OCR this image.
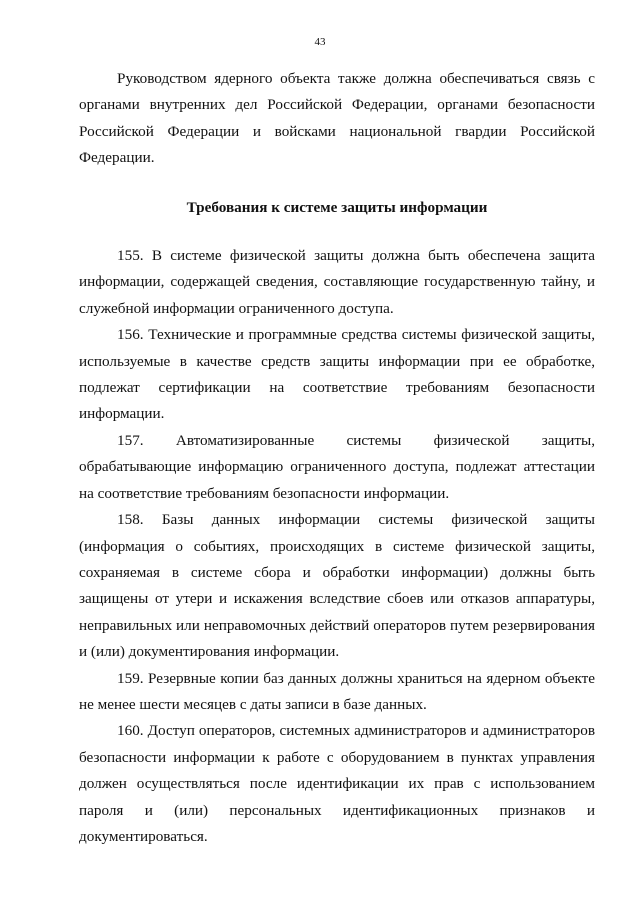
43

Руководством ядерного объекта также должна обеспечиваться связь с органами внутренних дел Российской Федерации, органами безопасности Российской Федерации и войсками национальной гвардии Российской Федерации.

Требования к системе защиты информации

155. В системе физической защиты должна быть обеспечена защита информации, содержащей сведения, составляющие государственную тайну, и служебной информации ограниченного доступа.

156. Технические и программные средства системы физической защиты, используемые в качестве средств защиты информации при ее обработке, подлежат сертификации на соответствие требованиям безопасности информации.

157. Автоматизированные системы физической защиты, обрабатывающие информацию ограниченного доступа, подлежат аттестации на соответствие требованиям безопасности информации.

158. Базы данных информации системы физической защиты (информация о событиях, происходящих в системе физической защиты, сохраняемая в системе сбора и обработки информации) должны быть защищены от утери и искажения вследствие сбоев или отказов аппаратуры, неправильных или неправомочных действий операторов путем резервирования и (или) документирования информации.

159. Резервные копии баз данных должны храниться на ядерном объекте не менее шести месяцев с даты записи в базе данных.

160. Доступ операторов, системных администраторов и администраторов безопасности информации к работе с оборудованием в пунктах управления должен осуществляться после идентификации их прав с использованием пароля и (или) персональных идентификационных признаков и документироваться.
